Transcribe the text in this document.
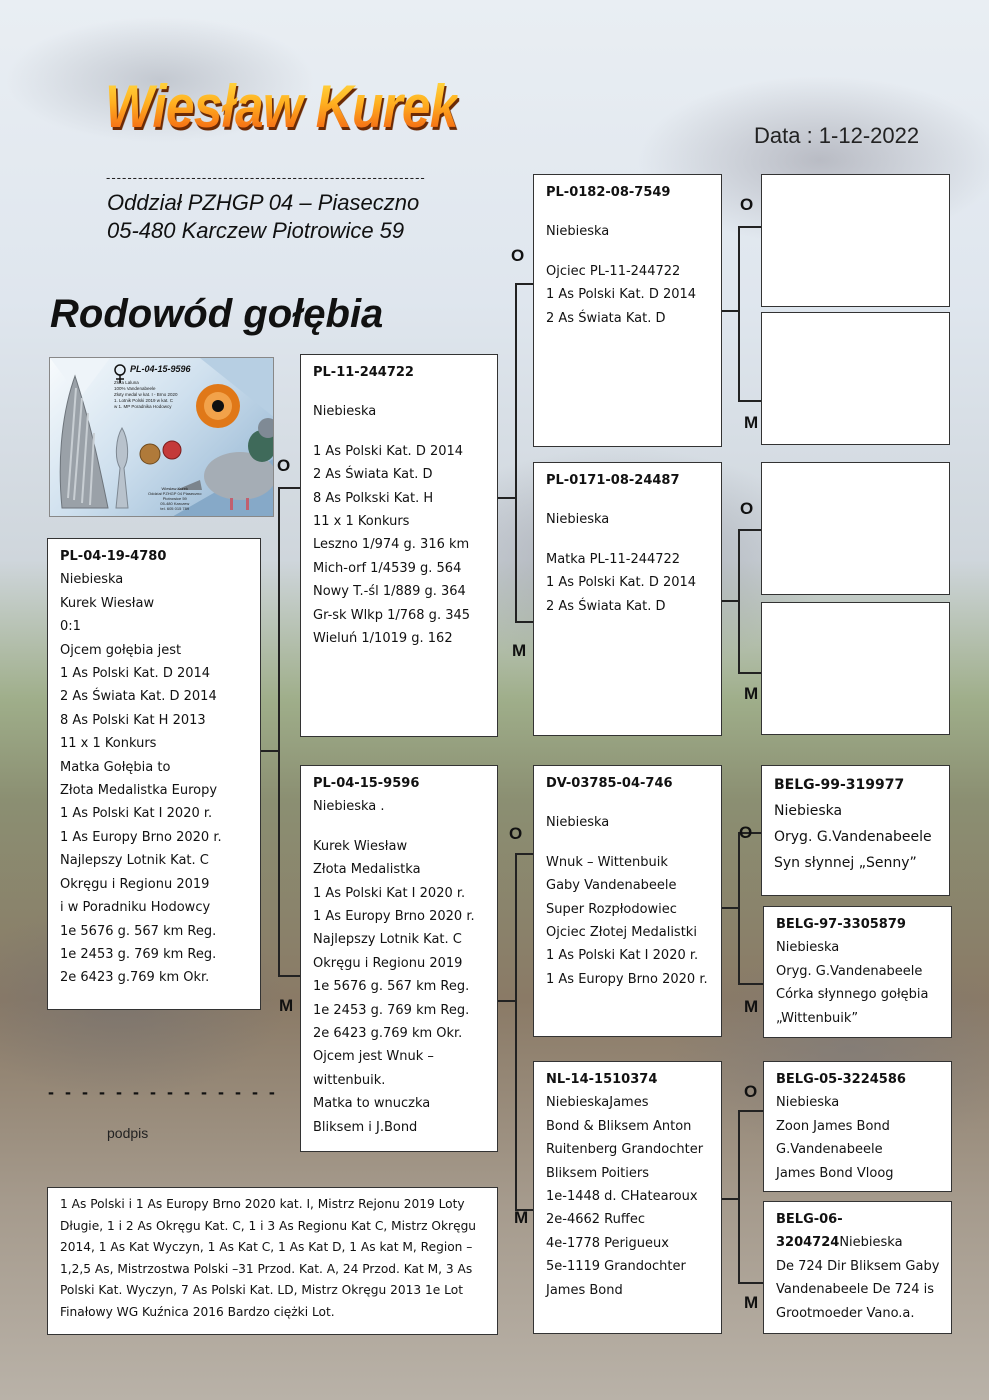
Wiesław Kurek	Data : 1-12-2022
------------------------------------------------------------
Oddział PZHGP 04 – Piaseczno
05-480 Karczew Piotrowice 59
Rodowód gołębia
PL-04-15-9596
Złota Laluna
100% Vandenabeele
Złoty medal w kat. I - Brno 2020
1. Lotnik Polski 2019 w kat. C
w 1. MP Poradnika Hodowcy
Wiesław Kurek
Oddział PZHGP 04 Piaseczno
Piotrowice 59
05-480 Karczew
tel. 605 015 789
O
M
O
M
O
M
O
M
O
M
O
M
O
M
PL-04-19-4780
Niebieska
Kurek Wiesław
0:1
Ojcem gołębia jest
1 As Polski Kat. D 2014
2 As Świata Kat. D 2014
8 As Polski Kat H 2013
11 x 1 Konkurs
Matka Gołębia to
Złota Medalistka Europy
1 As Polski Kat I 2020 r.
1 As Europy Brno 2020 r.
Najlepszy Lotnik Kat. C
Okręgu i Regionu 2019
i w Poradniku Hodowcy
1e 5676 g. 567 km Reg.
1e 2453 g. 769 km Reg.
2e 6423 g.769 km Okr.
PL-11-244722
Niebieska
1 As Polski Kat. D 2014
2 As Świata Kat. D
8 As Polkski Kat. H
11 x 1 Konkurs
Leszno 1/974 g. 316 km
Mich-orf 1/4539 g. 564
Nowy T.-śl 1/889 g. 364
Gr-sk Wlkp 1/768 g. 345
Wieluń 1/1019 g. 162
PL-04-15-9596
Niebieska .
Kurek Wiesław
Złota Medalistka
1 As Polski Kat I 2020 r.
1 As Europy Brno 2020 r.
Najlepszy Lotnik Kat. C
Okręgu i Regionu 2019
1e 5676 g. 567 km Reg.
1e 2453 g. 769 km Reg.
2e 6423 g.769 km Okr.
Ojcem jest Wnuk –
wittenbuik.
Matka to wnuczka
Bliksem i J.Bond
PL-0182-08-7549
Niebieska
Ojciec PL-11-244722
1 As Polski Kat. D 2014
2 As Świata Kat. D
PL-0171-08-24487
Niebieska
Matka PL-11-244722
1 As Polski Kat. D 2014
2 As Świata Kat. D
DV-03785-04-746
Niebieska
Wnuk – Wittenbuik
Gaby Vandenabeele
Super Rozpłodowiec
Ojciec Złotej Medalistki
1 As Polski Kat I 2020 r.
1 As Europy Brno 2020 r.
NL-14-1510374
NiebieskaJames
Bond & Bliksem Anton
Ruitenberg Grandochter
Bliksem Poitiers
1e-1448 d. CHatearoux
2e-4662 Ruffec
4e-1778 Perigueux
5e-1119 Grandochter
James Bond
BELG-99-319977
Niebieska
Oryg. G.Vandenabeele
Syn słynnej „Senny”
BELG-97-3305879
Niebieska
Oryg. G.Vandenabeele
Córka słynnego gołębia
„Wittenbuik”
BELG-05-3224586
Niebieska
Zoon James Bond
G.Vandenabeele
James Bond Vloog
BELG-06-
3204724Niebieska
De 724 Dir Bliksem Gaby
Vandenabeele De 724 is
Grootmoeder Vano.a.
- - - - - - - - - - - - - -
podpis
1 As Polski i 1 As Europy Brno 2020 kat. I, Mistrz Rejonu 2019 Loty Długie, 1 i 2 As Okręgu Kat. C, 1 i 3 As Regionu Kat C, Mistrz Okręgu 2014, 1 As Kat Wyczyn, 1 As Kat C, 1 As Kat D, 1 As kat M, Region – 1,2,5 As, Mistrzostwa Polski –31 Przod. Kat. A, 24 Przod. Kat M, 3 As Polski Kat. Wyczyn, 7 As Polski Kat. LD, Mistrz Okręgu 2013 1e Lot Finałowy WG Kuźnica 2016 Bardzo ciężki Lot.
